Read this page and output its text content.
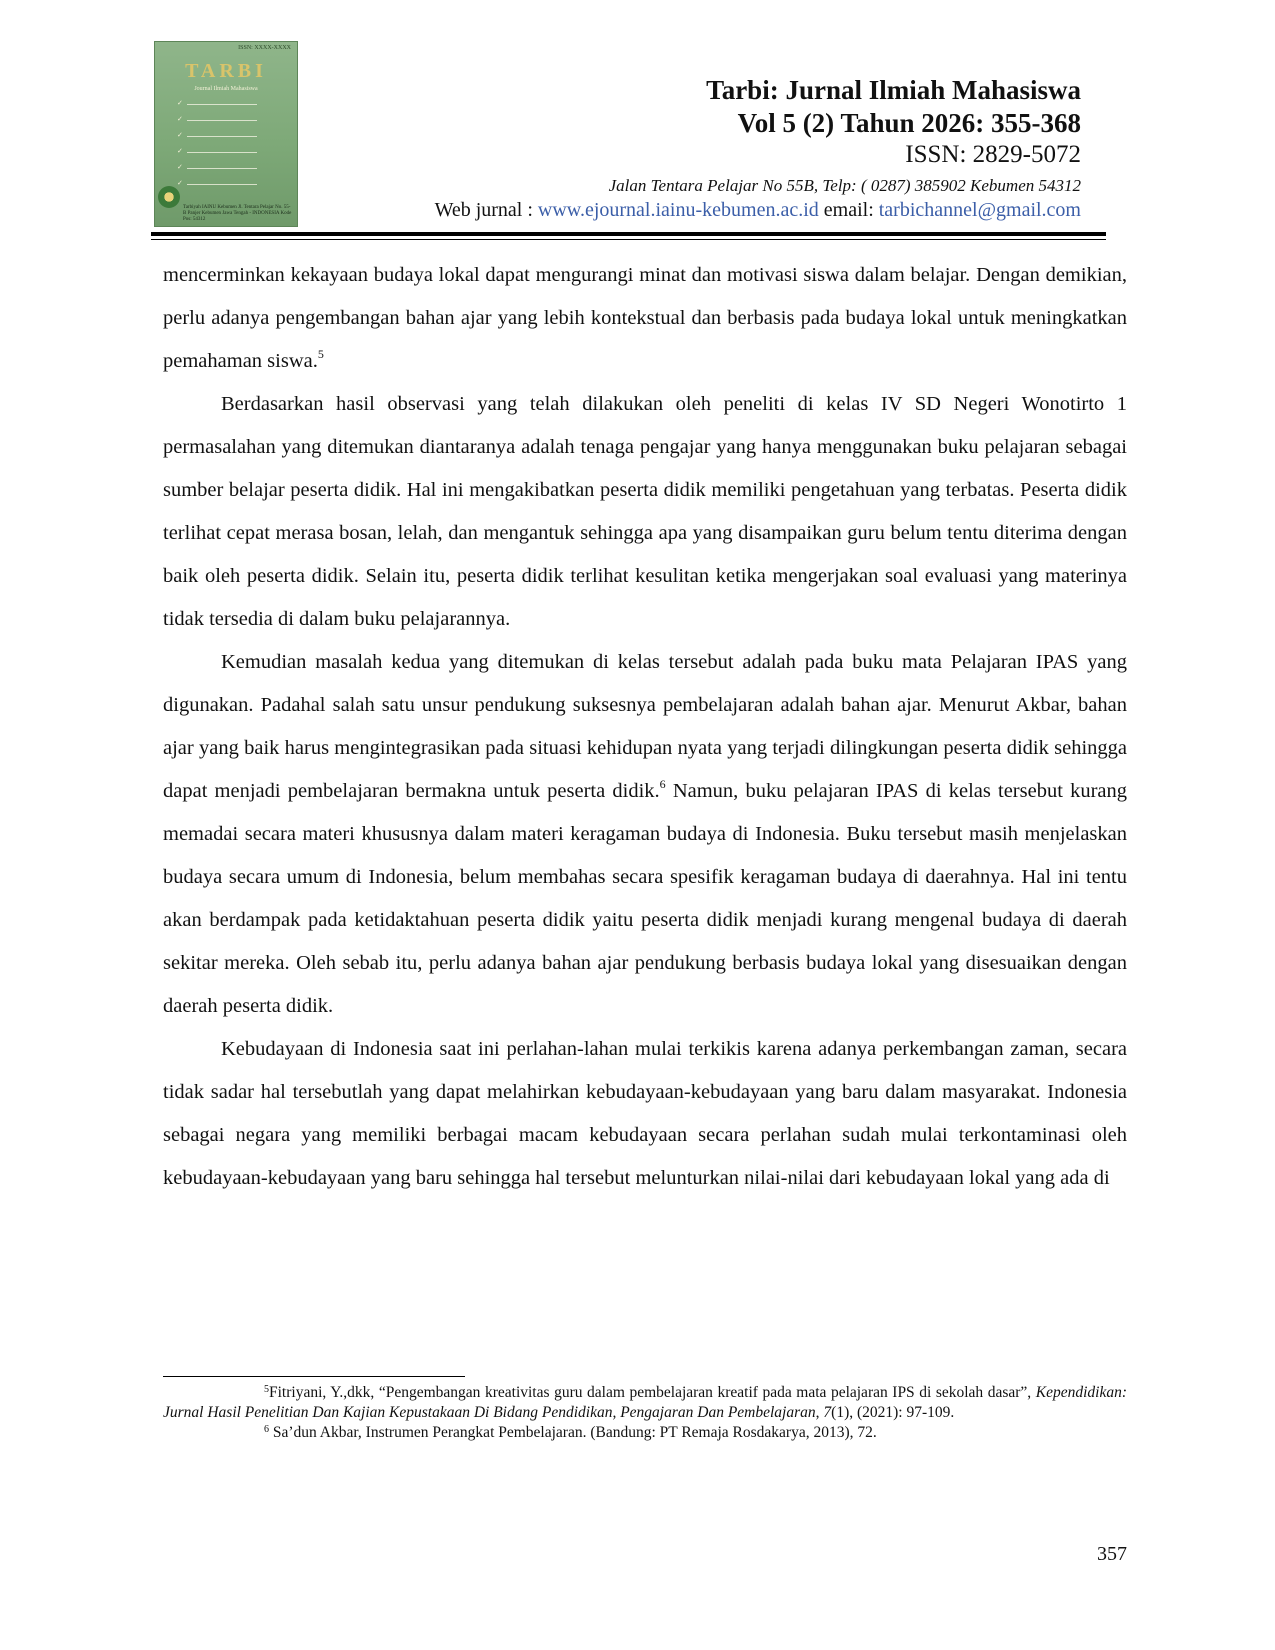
ISSN: XXXX-XXXX
TARBI
Journal Ilmiah Mahasiswa
✓
✓
✓
✓
✓
✓
Tarbiyah IAINU Kebumen Jl. Tentara Pelajar No. 55-B Panjer Kebumen Jawa Tengah - INDONESIA Kode Pos: 54312
Tarbi: Jurnal Ilmiah Mahasiswa
Vol 5 (2) Tahun 2026: 355-368
ISSN: 2829-5072
Jalan Tentara Pelajar No 55B, Telp: ( 0287) 385902 Kebumen 54312
Web jurnal : www.ejournal.iainu-kebumen.ac.id email: tarbichannel@gmail.com

mencerminkan kekayaan budaya lokal dapat mengurangi minat dan motivasi siswa dalam belajar. Dengan demikian, perlu adanya pengembangan bahan ajar yang lebih kontekstual dan berbasis pada budaya lokal untuk meningkatkan pemahaman siswa.$^5$

Berdasarkan hasil observasi yang telah dilakukan oleh peneliti di kelas IV SD Negeri Wonotirto 1 permasalahan yang ditemukan diantaranya adalah tenaga pengajar yang hanya menggunakan buku pelajaran sebagai sumber belajar peserta didik. Hal ini mengakibatkan peserta didik memiliki pengetahuan yang terbatas. Peserta didik terlihat cepat merasa bosan, lelah, dan mengantuk sehingga apa yang disampaikan guru belum tentu diterima dengan baik oleh peserta didik. Selain itu, peserta didik terlihat kesulitan ketika mengerjakan soal evaluasi yang materinya tidak tersedia di dalam buku pelajarannya.

Kemudian masalah kedua yang ditemukan di kelas tersebut adalah pada buku mata Pelajaran IPAS yang digunakan. Padahal salah satu unsur pendukung suksesnya pembelajaran adalah bahan ajar. Menurut Akbar, bahan ajar yang baik harus mengintegrasikan pada situasi kehidupan nyata yang terjadi dilingkungan peserta didik sehingga dapat menjadi pembelajaran bermakna untuk peserta didik.$^6$ Namun, buku pelajaran IPAS di kelas tersebut kurang memadai secara materi khususnya dalam materi keragaman budaya di Indonesia. Buku tersebut masih menjelaskan budaya secara umum di Indonesia, belum membahas secara spesifik keragaman budaya di daerahnya. Hal ini tentu akan berdampak pada ketidaktahuan peserta didik yaitu peserta didik menjadi kurang mengenal budaya di daerah sekitar mereka. Oleh sebab itu, perlu adanya bahan ajar pendukung berbasis budaya lokal yang disesuaikan dengan daerah peserta didik.

Kebudayaan di Indonesia saat ini perlahan-lahan mulai terkikis karena adanya perkembangan zaman, secara tidak sadar hal tersebutlah yang dapat melahirkan kebudayaan-kebudayaan yang baru dalam masyarakat. Indonesia sebagai negara yang memiliki berbagai macam kebudayaan secara perlahan sudah mulai terkontaminasi oleh kebudayaan-kebudayaan yang baru sehingga hal tersebut melunturkan nilai-nilai dari kebudayaan lokal yang ada di

$^5$Fitriyani, Y.,dkk, “Pengembangan kreativitas guru dalam pembelajaran kreatif pada mata pelajaran IPS di sekolah dasar”, Kependidikan: Jurnal Hasil Penelitian Dan Kajian Kepustakaan Di Bidang Pendidikan, Pengajaran Dan Pembelajaran, 7(1), (2021): 97-109.

$^6$ Sa’dun Akbar, Instrumen Perangkat Pembelajaran. (Bandung: PT Remaja Rosdakarya, 2013), 72.

357
